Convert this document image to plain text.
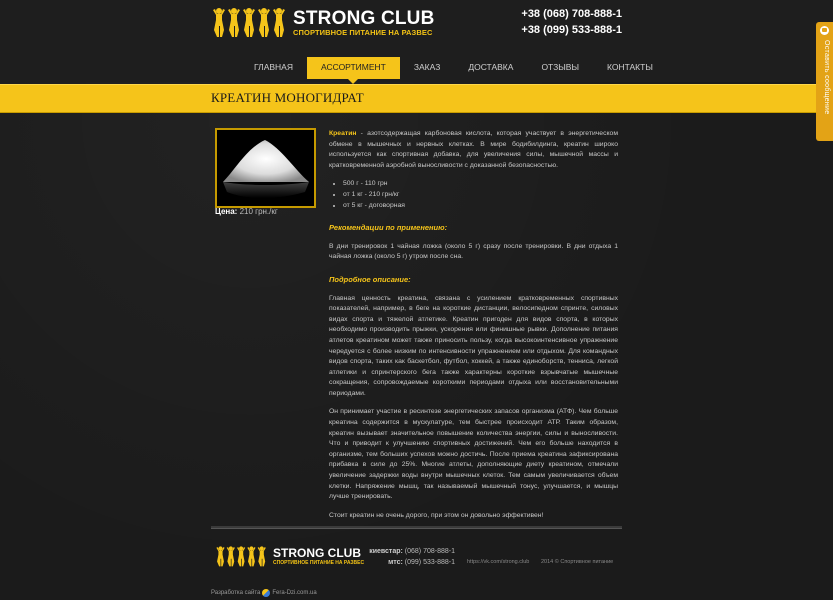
STRONG CLUB
СПОРТИВНОЕ ПИТАНИЕ НА РАЗВЕС
+38 (068) 708-888-1
+38 (099) 533-888-1
ГЛАВНАЯ	АССОРТИМЕНТ	ЗАКАЗ	ДОСТАВКА	ОТЗЫВЫ	КОНТАКТЫ
КРЕАТИН МОНОГИДРАТ
Цена: 210 грн./кг

Креатин - азотсодержащая карбоновая кислота, которая участвует в энергетическом обмене в мышечных и нервных клетках. В мире бодибилдинга, креатин широко используется как спортивная добавка, для увеличения силы, мышечной массы и кратковременной аэробной выносливости с доказанной безопасностью.

• 500 г - 110 грн
• от 1 кг - 210 грн/кг
• от 5 кг - договорная
Рекомендации по применению:

В дни тренировок 1 чайная ложка (около 5 г) сразу после тренировки. В дни отдыха 1 чайная ложка (около 5 г) утром после сна.

Подробное описание:

Главная ценность креатина, связана с усилением кратковременных спортивных показателей, например, в беге на короткие дистанции, велосипедном спринте, силовых видах спорта и тяжелой атлетике. Креатин пригоден для видов спорта, в которых необходимо производить прыжки, ускорения или финишные рывки. Дополнение питания атлетов креатином может также приносить пользу, когда высокоинтенсивное упражнение чередуется с более низким по интенсивности упражнением или отдыхом. Для командных видов спорта, таких как баскетбол, футбол, хоккей, а также единоборств, тенниса, легкой атлетики и спринтерского бега также характерны короткие взрывчатые мышечные сокращения, сопровождаемые короткими периодами отдыха или восстановительными периодами.

Он принимает участие в ресинтезе энергетических запасов организма (АТФ). Чем больше креатина содержится в мускулатуре, тем быстрее происходит АТР. Таким образом, креатин вызывает значительное повышение количества энергии, силы и выносливости. Что и приводит к улучшению спортивных достижений. Чем его больше находится в организме, тем больших успехов можно достичь. После приема креатина зафиксирована прибавка в силе до 25%. Многие атлеты, дополняющие диету креатином, отмечали увеличение задержки воды внутри мышечных клеток. Тем самым увеличивается объем клетки. Напряжение мышц, так называемый мышечный тонус, улучшается, и мышцы лучше тренировать.

Стоит креатин не очень дорого, при этом он довольно эффективен!

STRONG CLUB
СПОРТИВНОЕ ПИТАНИЕ НА РАЗВЕС
киевстар: (068) 708-888-1
мтс: (099) 533-888-1 https://vk.com/strong.club 2014 © Спортивное питание
Разработка сайта Fera-Dzi.com.ua
Оставить сообщение
